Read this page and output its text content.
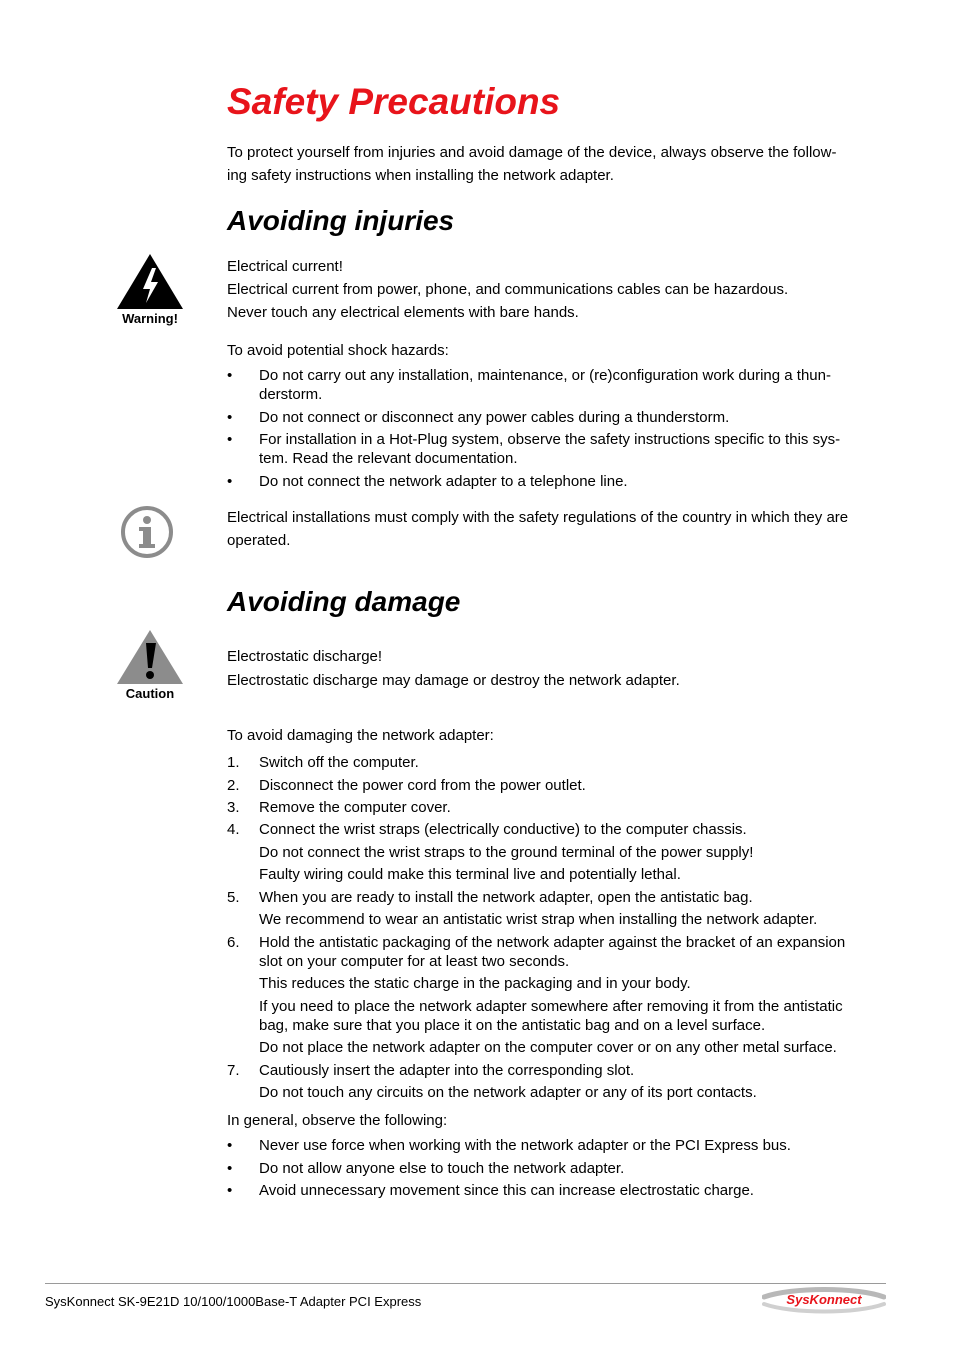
Safety Precautions
To protect yourself from injuries and avoid damage of the device, always observe the follow-
ing safety instructions when installing the network adapter.
Avoiding injuries
Warning!
Electrical current!
Electrical current from power, phone, and communications cables can be hazardous.
Never touch any electrical elements with bare hands.
To avoid potential shock hazards:
• Do not carry out any installation, maintenance, or (re)configuration work during a thun-
derstorm.
• Do not connect or disconnect any power cables during a thunderstorm.
• For installation in a Hot-Plug system, observe the safety instructions specific to this sys-
tem. Read the relevant documentation.
• Do not connect the network adapter to a telephone line.
Electrical installations must comply with the safety regulations of the country in which they are
operated.
Avoiding damage
Caution
Electrostatic discharge!
Electrostatic discharge may damage or destroy the network adapter.
To avoid damaging the network adapter:
1. Switch off the computer.
2. Disconnect the power cord from the power outlet.
3. Remove the computer cover.
4. Connect the wrist straps (electrically conductive) to the computer chassis.
Do not connect the wrist straps to the ground terminal of the power supply!
Faulty wiring could make this terminal live and potentially lethal.
5. When you are ready to install the network adapter, open the antistatic bag.
We recommend to wear an antistatic wrist strap when installing the network adapter.
6. Hold the antistatic packaging of the network adapter against the bracket of an expansion
slot on your computer for at least two seconds.
This reduces the static charge in the packaging and in your body.
If you need to place the network adapter somewhere after removing it from the antistatic
bag, make sure that you place it on the antistatic bag and on a level surface.
Do not place the network adapter on the computer cover or on any other metal surface.
7. Cautiously insert the adapter into the corresponding slot.
Do not touch any circuits on the network adapter or any of its port contacts.
In general, observe the following:
• Never use force when working with the network adapter or the PCI Express bus.
• Do not allow anyone else to touch the network adapter.
• Avoid unnecessary movement since this can increase electrostatic charge.
SysKonnect SK-9E21D 10/100/1000Base-T Adapter PCI Express	SysKonnect
